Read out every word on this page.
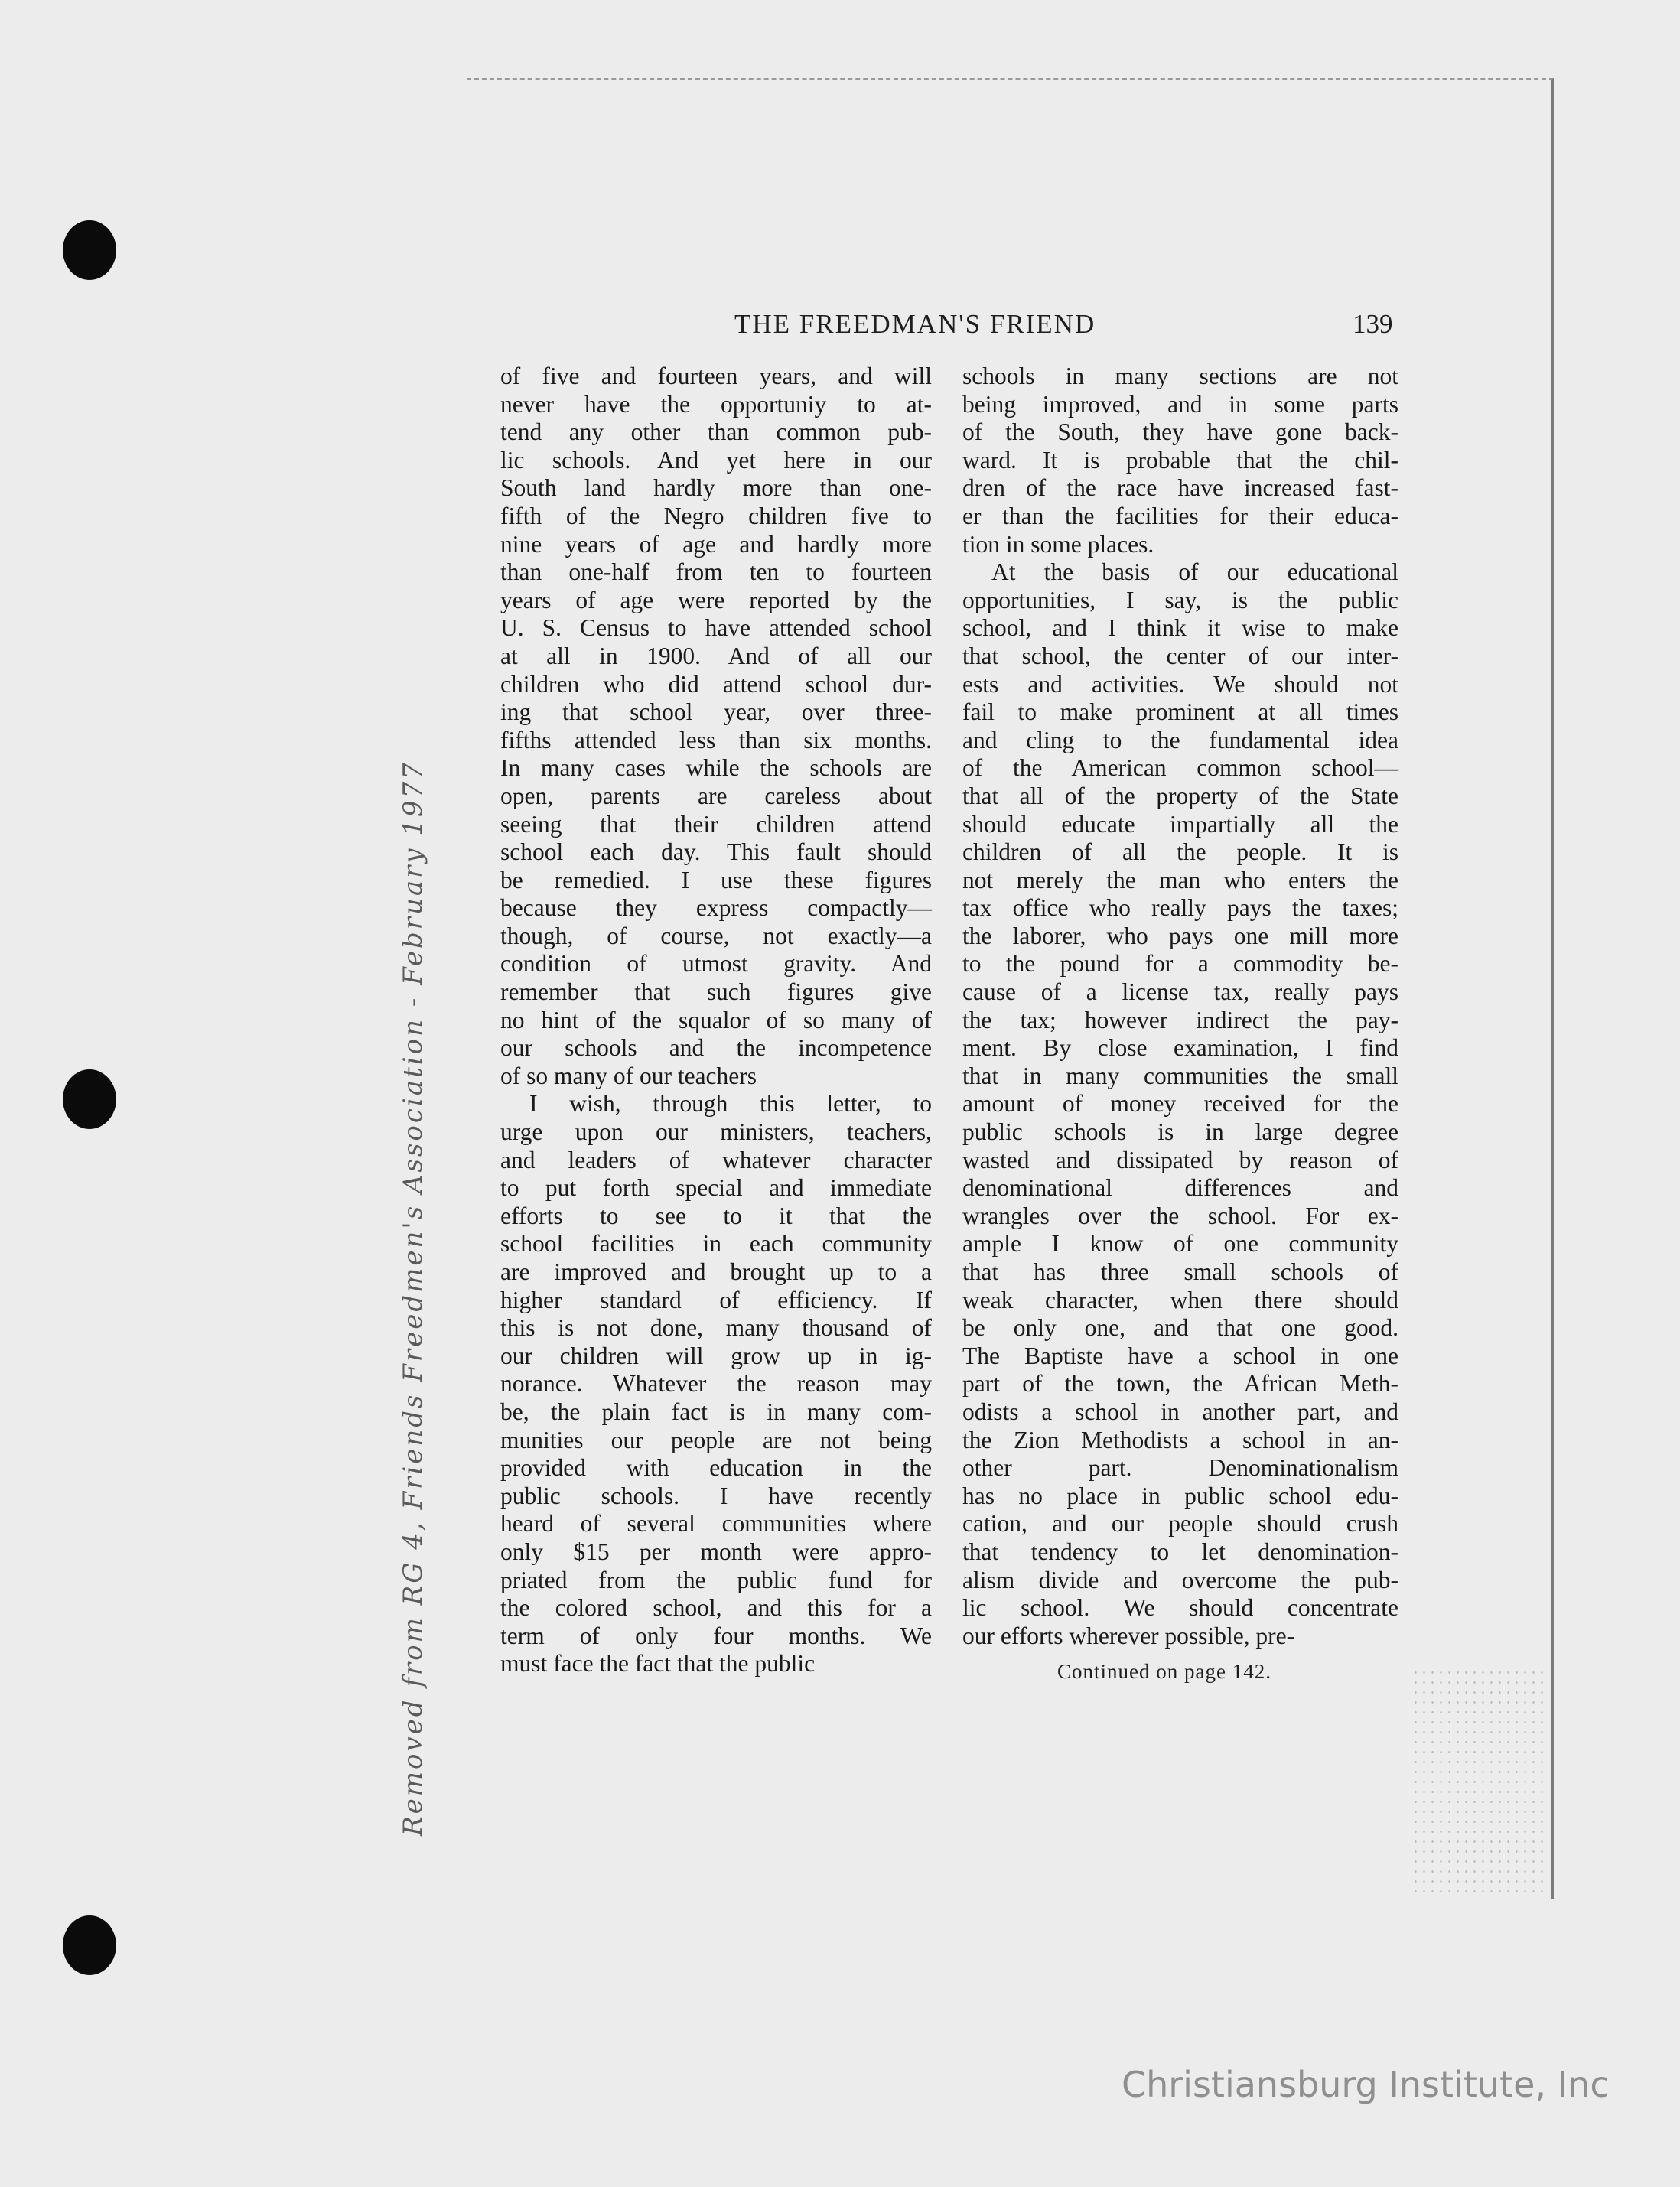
Removed from RG 4, Friends Freedmen's Association - February 1977
THE FREEDMAN'S FRIEND	139
of five and fourteen years, and will
never have the opportuniy to at-
tend any other than common pub-
lic schools. And yet here in our
South land hardly more than one-
fifth of the Negro children five to
nine years of age and hardly more
than one-half from ten to fourteen
years of age were reported by the
U. S. Census to have attended school
at all in 1900. And of all our
children who did attend school dur-
ing that school year, over three-
fifths attended less than six months.
In many cases while the schools are
open, parents are careless about
seeing that their children attend
school each day. This fault should
be remedied. I use these figures
because they express compactly—
though, of course, not exactly—a
condition of utmost gravity. And
remember that such figures give
no hint of the squalor of so many of
our schools and the incompetence
of so many of our teachers
I wish, through this letter, to
urge upon our ministers, teachers,
and leaders of whatever character
to put forth special and immediate
efforts to see to it that the
school facilities in each community
are improved and brought up to a
higher standard of efficiency. If
this is not done, many thousand of
our children will grow up in ig-
norance. Whatever the reason may
be, the plain fact is in many com-
munities our people are not being
provided with education in the
public schools. I have recently
heard of several communities where
only $15 per month were appro-
priated from the public fund for
the colored school, and this for a
term of only four months. We
must face the fact that the public
schools in many sections are not
being improved, and in some parts
of the South, they have gone back-
ward. It is probable that the chil-
dren of the race have increased fast-
er than the facilities for their educa-
tion in some places.
At the basis of our educational
opportunities, I say, is the public
school, and I think it wise to make
that school, the center of our inter-
ests and activities. We should not
fail to make prominent at all times
and cling to the fundamental idea
of the American common school—
that all of the property of the State
should educate impartially all the
children of all the people. It is
not merely the man who enters the
tax office who really pays the taxes;
the laborer, who pays one mill more
to the pound for a commodity be-
cause of a license tax, really pays
the tax; however indirect the pay-
ment. By close examination, I find
that in many communities the small
amount of money received for the
public schools is in large degree
wasted and dissipated by reason of
denominational differences and
wrangles over the school. For ex-
ample I know of one community
that has three small schools of
weak character, when there should
be only one, and that one good.
The Baptiste have a school in one
part of the town, the African Meth-
odists a school in another part, and
the Zion Methodists a school in an-
other part. Denominationalism
has no place in public school edu-
cation, and our people should crush
that tendency to let denomination-
alism divide and overcome the pub-
lic school. We should concentrate
our efforts wherever possible, pre-
Continued on page 142.
Christiansburg Institute, Inc
